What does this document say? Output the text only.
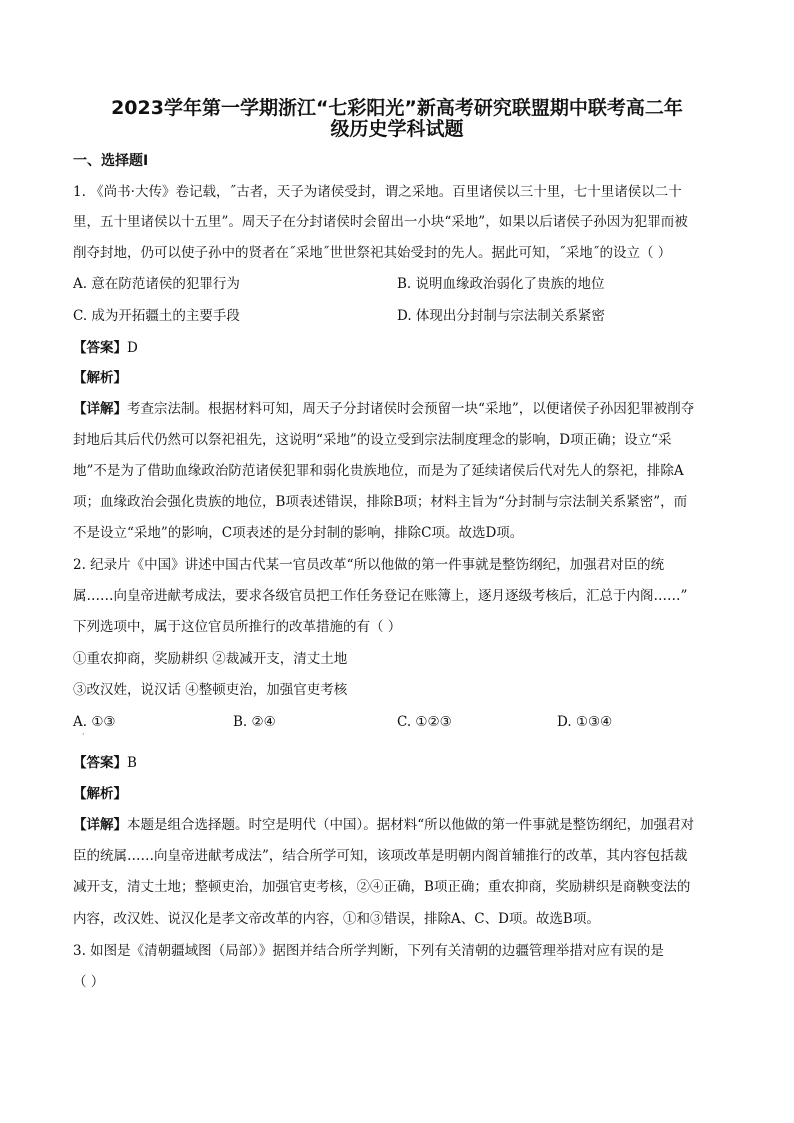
2023学年第一学期浙江“七彩阳光”新高考研究联盟期中联考高二年
级历史学科试题
一、选择题Ⅰ
1. 《尚书·大传》卷记载，˝古者，天子为诸侯受封，谓之采地。百里诸侯以三十里，七十里诸侯以二十
里，五十里诸侯以十五里”。周天子在分封诸侯时会留出一小块“采地”，如果以后诸侯子孙因为犯罪而被
削夺封地，仍可以使子孙中的贤者在˝采地˝世世祭祀其始受封的先人。据此可知，˝采地˝的设立（ ）
A. 意在防范诸侯的犯罪行为	B. 说明血缘政治弱化了贵族的地位
C. 成为开拓疆土的主要手段	D. 体现出分封制与宗法制关系紧密
【答案】D
【解析】
【详解】考查宗法制。根据材料可知，周天子分封诸侯时会预留一块“采地”，以便诸侯子孙因犯罪被削夺
封地后其后代仍然可以祭祀祖先，这说明“采地”的设立受到宗法制度理念的影响，D项正确；设立“采
地”不是为了借助血缘政治防范诸侯犯罪和弱化贵族地位，而是为了延续诸侯后代对先人的祭祀，排除A
项；血缘政治会强化贵族的地位，B项表述错误，排除B项；材料主旨为“分封制与宗法制关系紧密”，而
不是设立“采地”的影响，C项表述的是分封制的影响，排除C项。故选D项。
2. 纪录片《中国》讲述中国古代某一官员改革“所以他做的第一件事就是整饬纲纪，加强君对臣的统
属……向皇帝进献考成法，要求各级官员把工作任务登记在账簿上，逐月逐级考核后，汇总于内阁……”
下列选项中，属于这位官员所推行的改革措施的有（ ）
①重农抑商，奖励耕织 ②裁减开支，清丈土地
③改汉姓，说汉话 ④整顿吏治，加强官吏考核
A. ①③	B. ②④	C. ①②③	D. ①③④
·
【答案】B
【解析】
【详解】本题是组合选择题。时空是明代（中国）。据材料“所以他做的第一件事就是整饬纲纪，加强君对
臣的统属……向皇帝进献考成法”，结合所学可知，该项改革是明朝内阁首辅推行的改革，其内容包括裁
减开支，清丈土地；整顿吏治，加强官吏考核，②④正确，B项正确；重农抑商，奖励耕织是商鞅变法的
内容，改汉姓、说汉化是孝文帝改革的内容，①和③错误，排除A、C、D项。故选B项。
3. 如图是《清朝疆域图（局部）》据图并结合所学判断，下列有关清朝的边疆管理举措对应有误的是
（ ）
